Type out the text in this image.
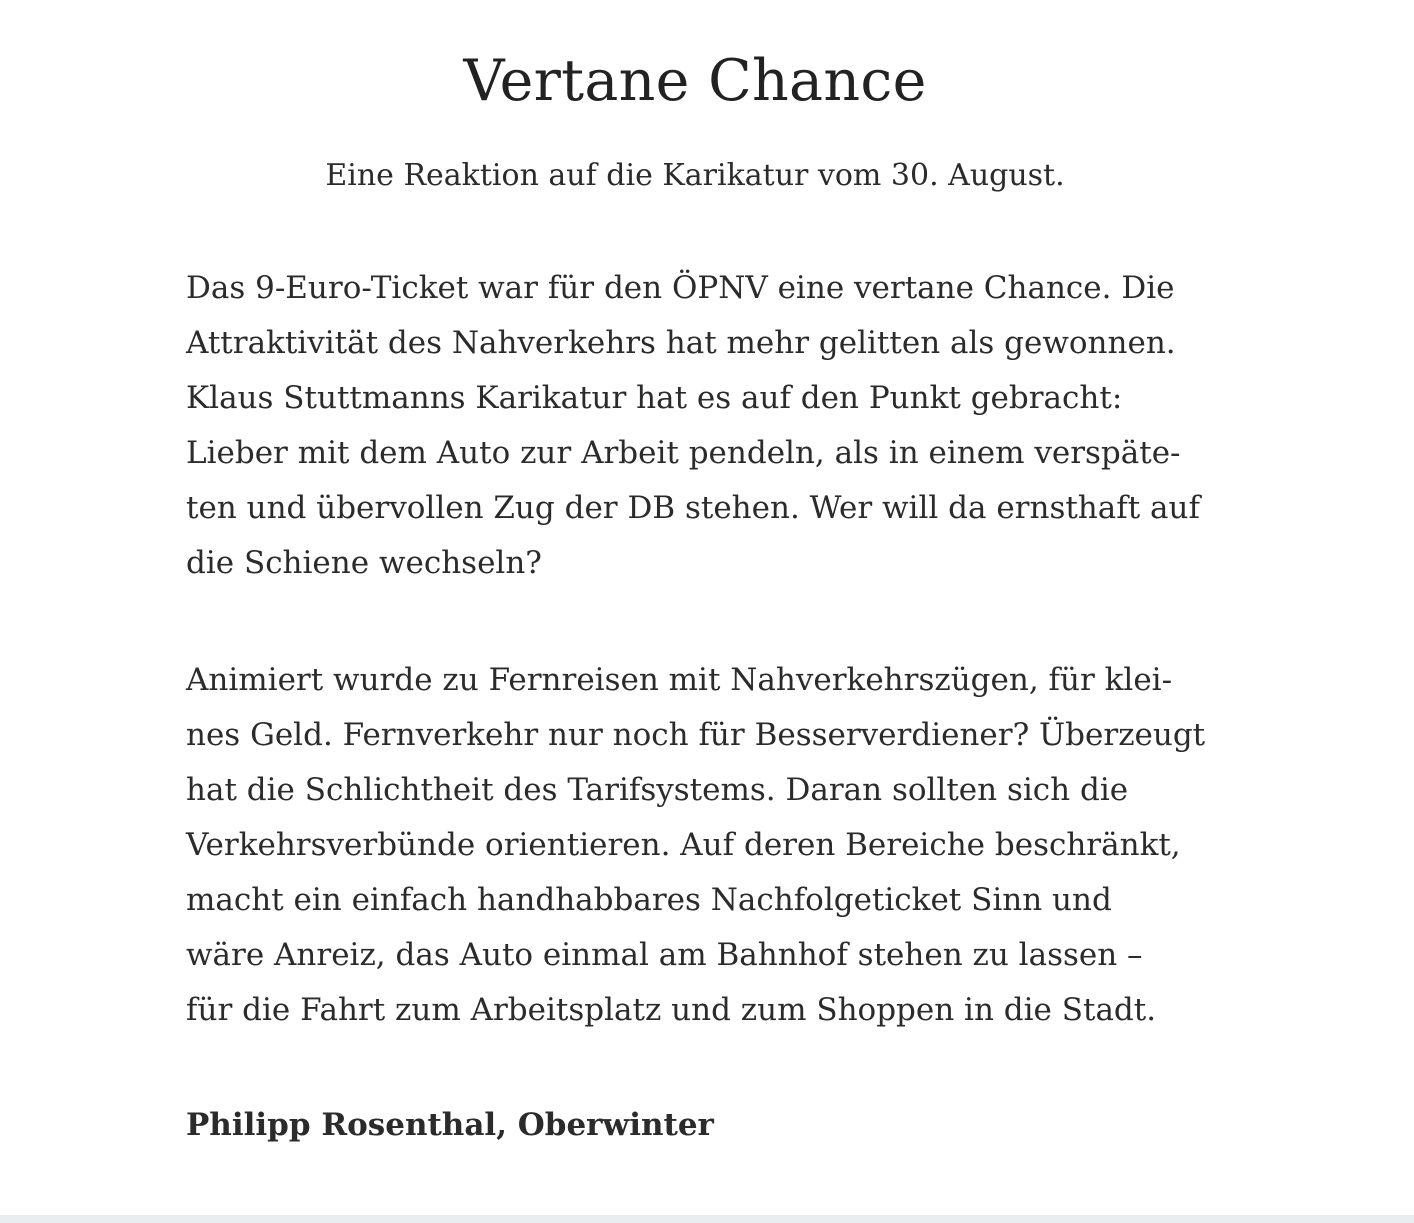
Vertane Chance

Eine Reaktion auf die Karikatur vom 30. August.

Das 9-Euro-Ticket war für den ÖPNV eine vertane Chance. Die
Attraktivität des Nahverkehrs hat mehr gelitten als gewonnen.
Klaus Stuttmanns Karikatur hat es auf den Punkt gebracht:
Lieber mit dem Auto zur Arbeit pendeln, als in einem verspäte-
ten und übervollen Zug der DB stehen. Wer will da ernsthaft auf
die Schiene wechseln?

Animiert wurde zu Fernreisen mit Nahverkehrszügen, für klei-
nes Geld. Fernverkehr nur noch für Besserverdiener? Überzeugt
hat die Schlichtheit des Tarifsystems. Daran sollten sich die
Verkehrsverbünde orientieren. Auf deren Bereiche beschränkt,
macht ein einfach handhabbares Nachfolgeticket Sinn und
wäre Anreiz, das Auto einmal am Bahnhof stehen zu lassen –
für die Fahrt zum Arbeitsplatz und zum Shoppen in die Stadt.

Philipp Rosenthal, Oberwinter
